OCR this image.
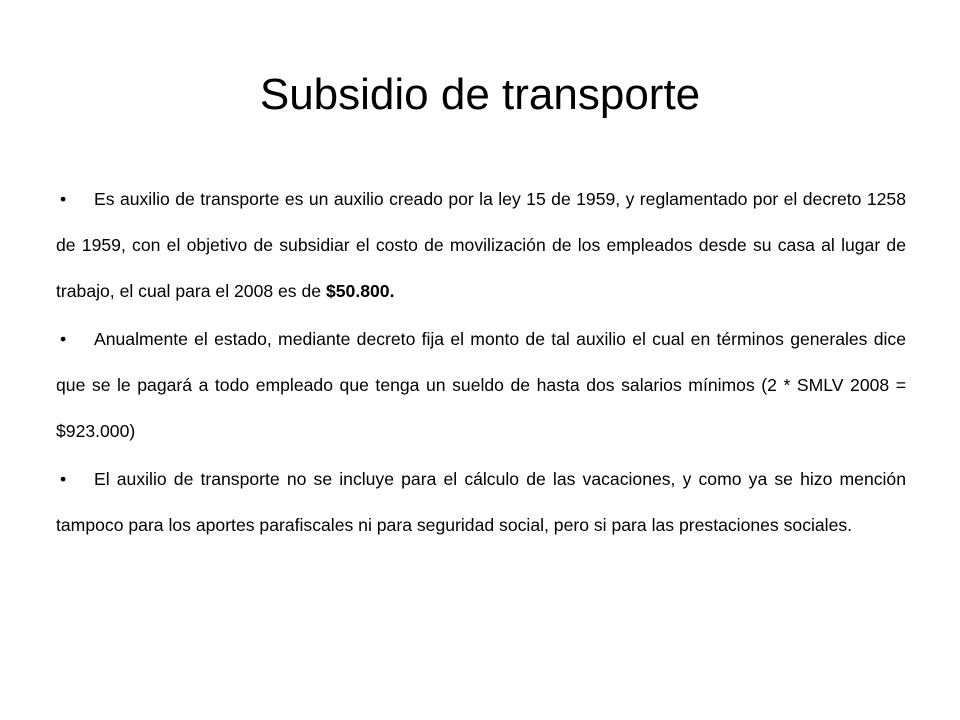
Subsidio de transporte

• Es auxilio de transporte es un auxilio creado por la ley 15 de 1959, y reglamentado por el decreto 1258 de 1959, con el objetivo de subsidiar el costo de movilización de los empleados desde su casa al lugar de trabajo, el cual para el 2008 es de $50.800.

• Anualmente el estado, mediante decreto fija el monto de tal auxilio el cual en términos generales dice que se le pagará a todo empleado que tenga un sueldo de hasta dos salarios mínimos (2 * SMLV 2008 = $923.000)

• El auxilio de transporte no se incluye para el cálculo de las vacaciones, y como ya se hizo mención tampoco para los aportes parafiscales ni para seguridad social, pero si para las prestaciones sociales.
